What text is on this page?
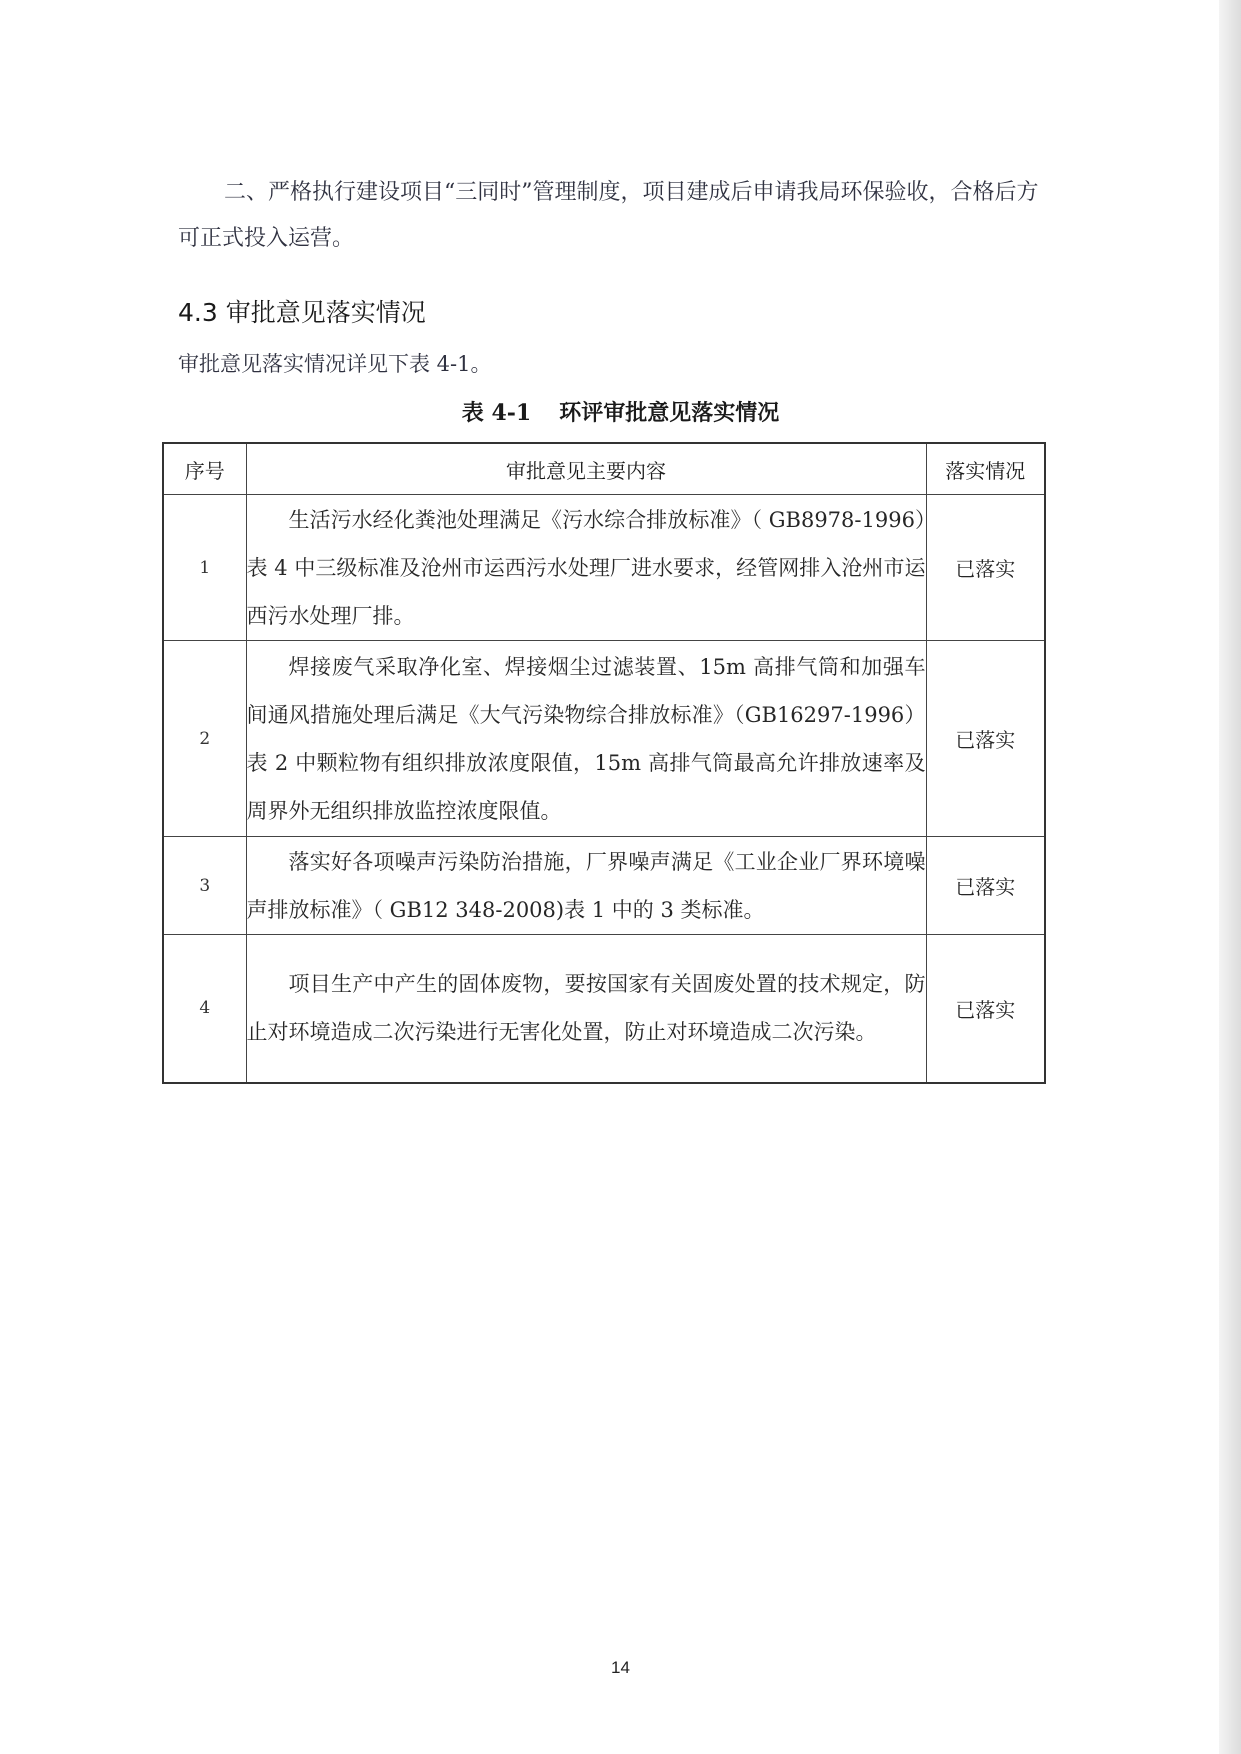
二、严格执行建设项目“三同时”管理制度，项目建成后申请我局环保验收，合格后方可正式投入运营。

4.3 审批意见落实情况
审批意见落实情况详见下表 4-1。
表 4-1 环评审批意见落实情况
序号	审批意见主要内容	落实情况
1	生活污水经化粪池处理满足《污水综合排放标准》（ GB8978-1996）表 4 中三级标准及沧州市运西污水处理厂进水要求，经管网排入沧州市运西污水处理厂排。	已落实
2	焊接废气采取净化室、焊接烟尘过滤装置、15m 高排气筒和加强车间通风措施处理后满足《大气污染物综合排放标准》（GB16297-1996）表 2 中颗粒物有组织排放浓度限值，15m 高排气筒最高允许排放速率及周界外无组织排放监控浓度限值。	已落实
3	落实好各项噪声污染防治措施，厂界噪声满足《工业企业厂界环境噪声排放标准》（ GB12 348-2008)表 1 中的 3 类标准。	已落实
4	项目生产中产生的固体废物，要按国家有关固废处置的技术规定，防止对环境造成二次污染进行无害化处置，防止对环境造成二次污染。	已落实
14
